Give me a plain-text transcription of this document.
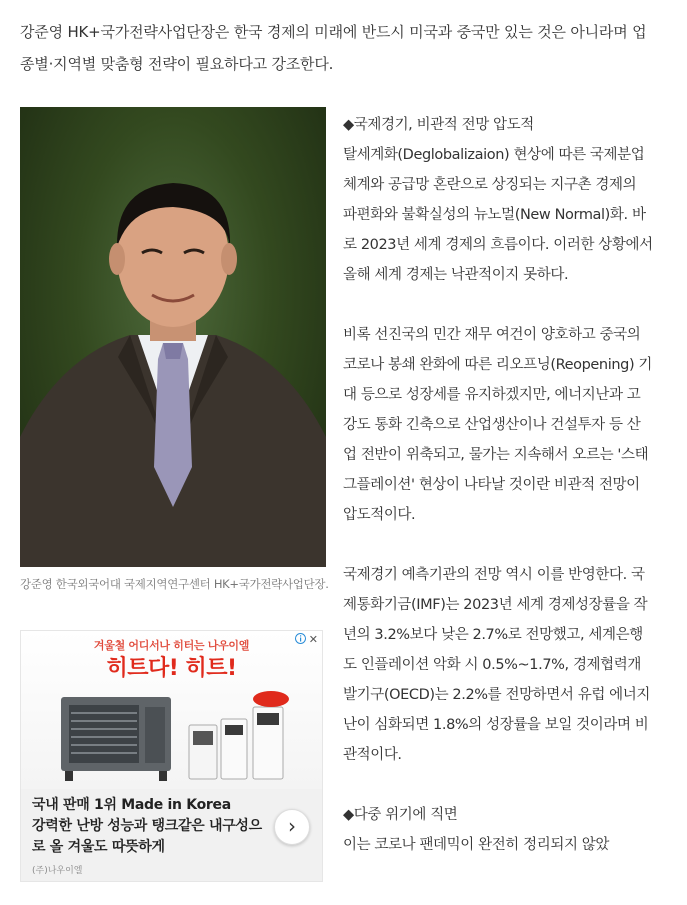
강준영 HK+국가전략사업단장은 한국 경제의 미래에 반드시 미국과 중국만 있는 것은 아니라며 업종별·지역별 맞춤형 전략이 필요하다고 강조한다.
강준영 한국외국어대 국제지역연구센터 HK+국가전략사업단장.
✕
겨울철 어디서나 히터는 나우이엘
히트다! 히트!
국내 판매 1위 Made in Korea
강력한 난방 성능과 탱크같은 내구성으로 올 겨울도 따뜻하게
(주)나우이엘
›

◆국제경기, 비관적 전망 압도적

탈세계화(Deglobalizaion) 현상에 따른 국제분업체계와 공급망 혼란으로 상징되는 지구촌 경제의 파편화와 불확실성의 뉴노멀(New Normal)화. 바로 2023년 세계 경제의 흐름이다. 이러한 상황에서 올해 세계 경제는 낙관적이지 못하다.

비록 선진국의 민간 재무 여건이 양호하고 중국의 코로나 봉쇄 완화에 따른 리오프닝(Reopening) 기대 등으로 성장세를 유지하겠지만, 에너지난과 고강도 통화 긴축으로 산업생산이나 건설투자 등 산업 전반이 위축되고, 물가는 지속해서 오르는 '스태그플레이션' 현상이 나타날 것이란 비관적 전망이 압도적이다.

국제경기 예측기관의 전망 역시 이를 반영한다. 국제통화기금(IMF)는 2023년 세계 경제성장률을 작년의 3.2%보다 낮은 2.7%로 전망했고, 세계은행도 인플레이션 악화 시 0.5%~1.7%, 경제협력개발기구(OECD)는 2.2%를 전망하면서 유럽 에너지난이 심화되면 1.8%의 성장률을 보일 것이라며 비관적이다.

◆다중 위기에 직면

이는 코로나 팬데믹이 완전히 정리되지 않았
